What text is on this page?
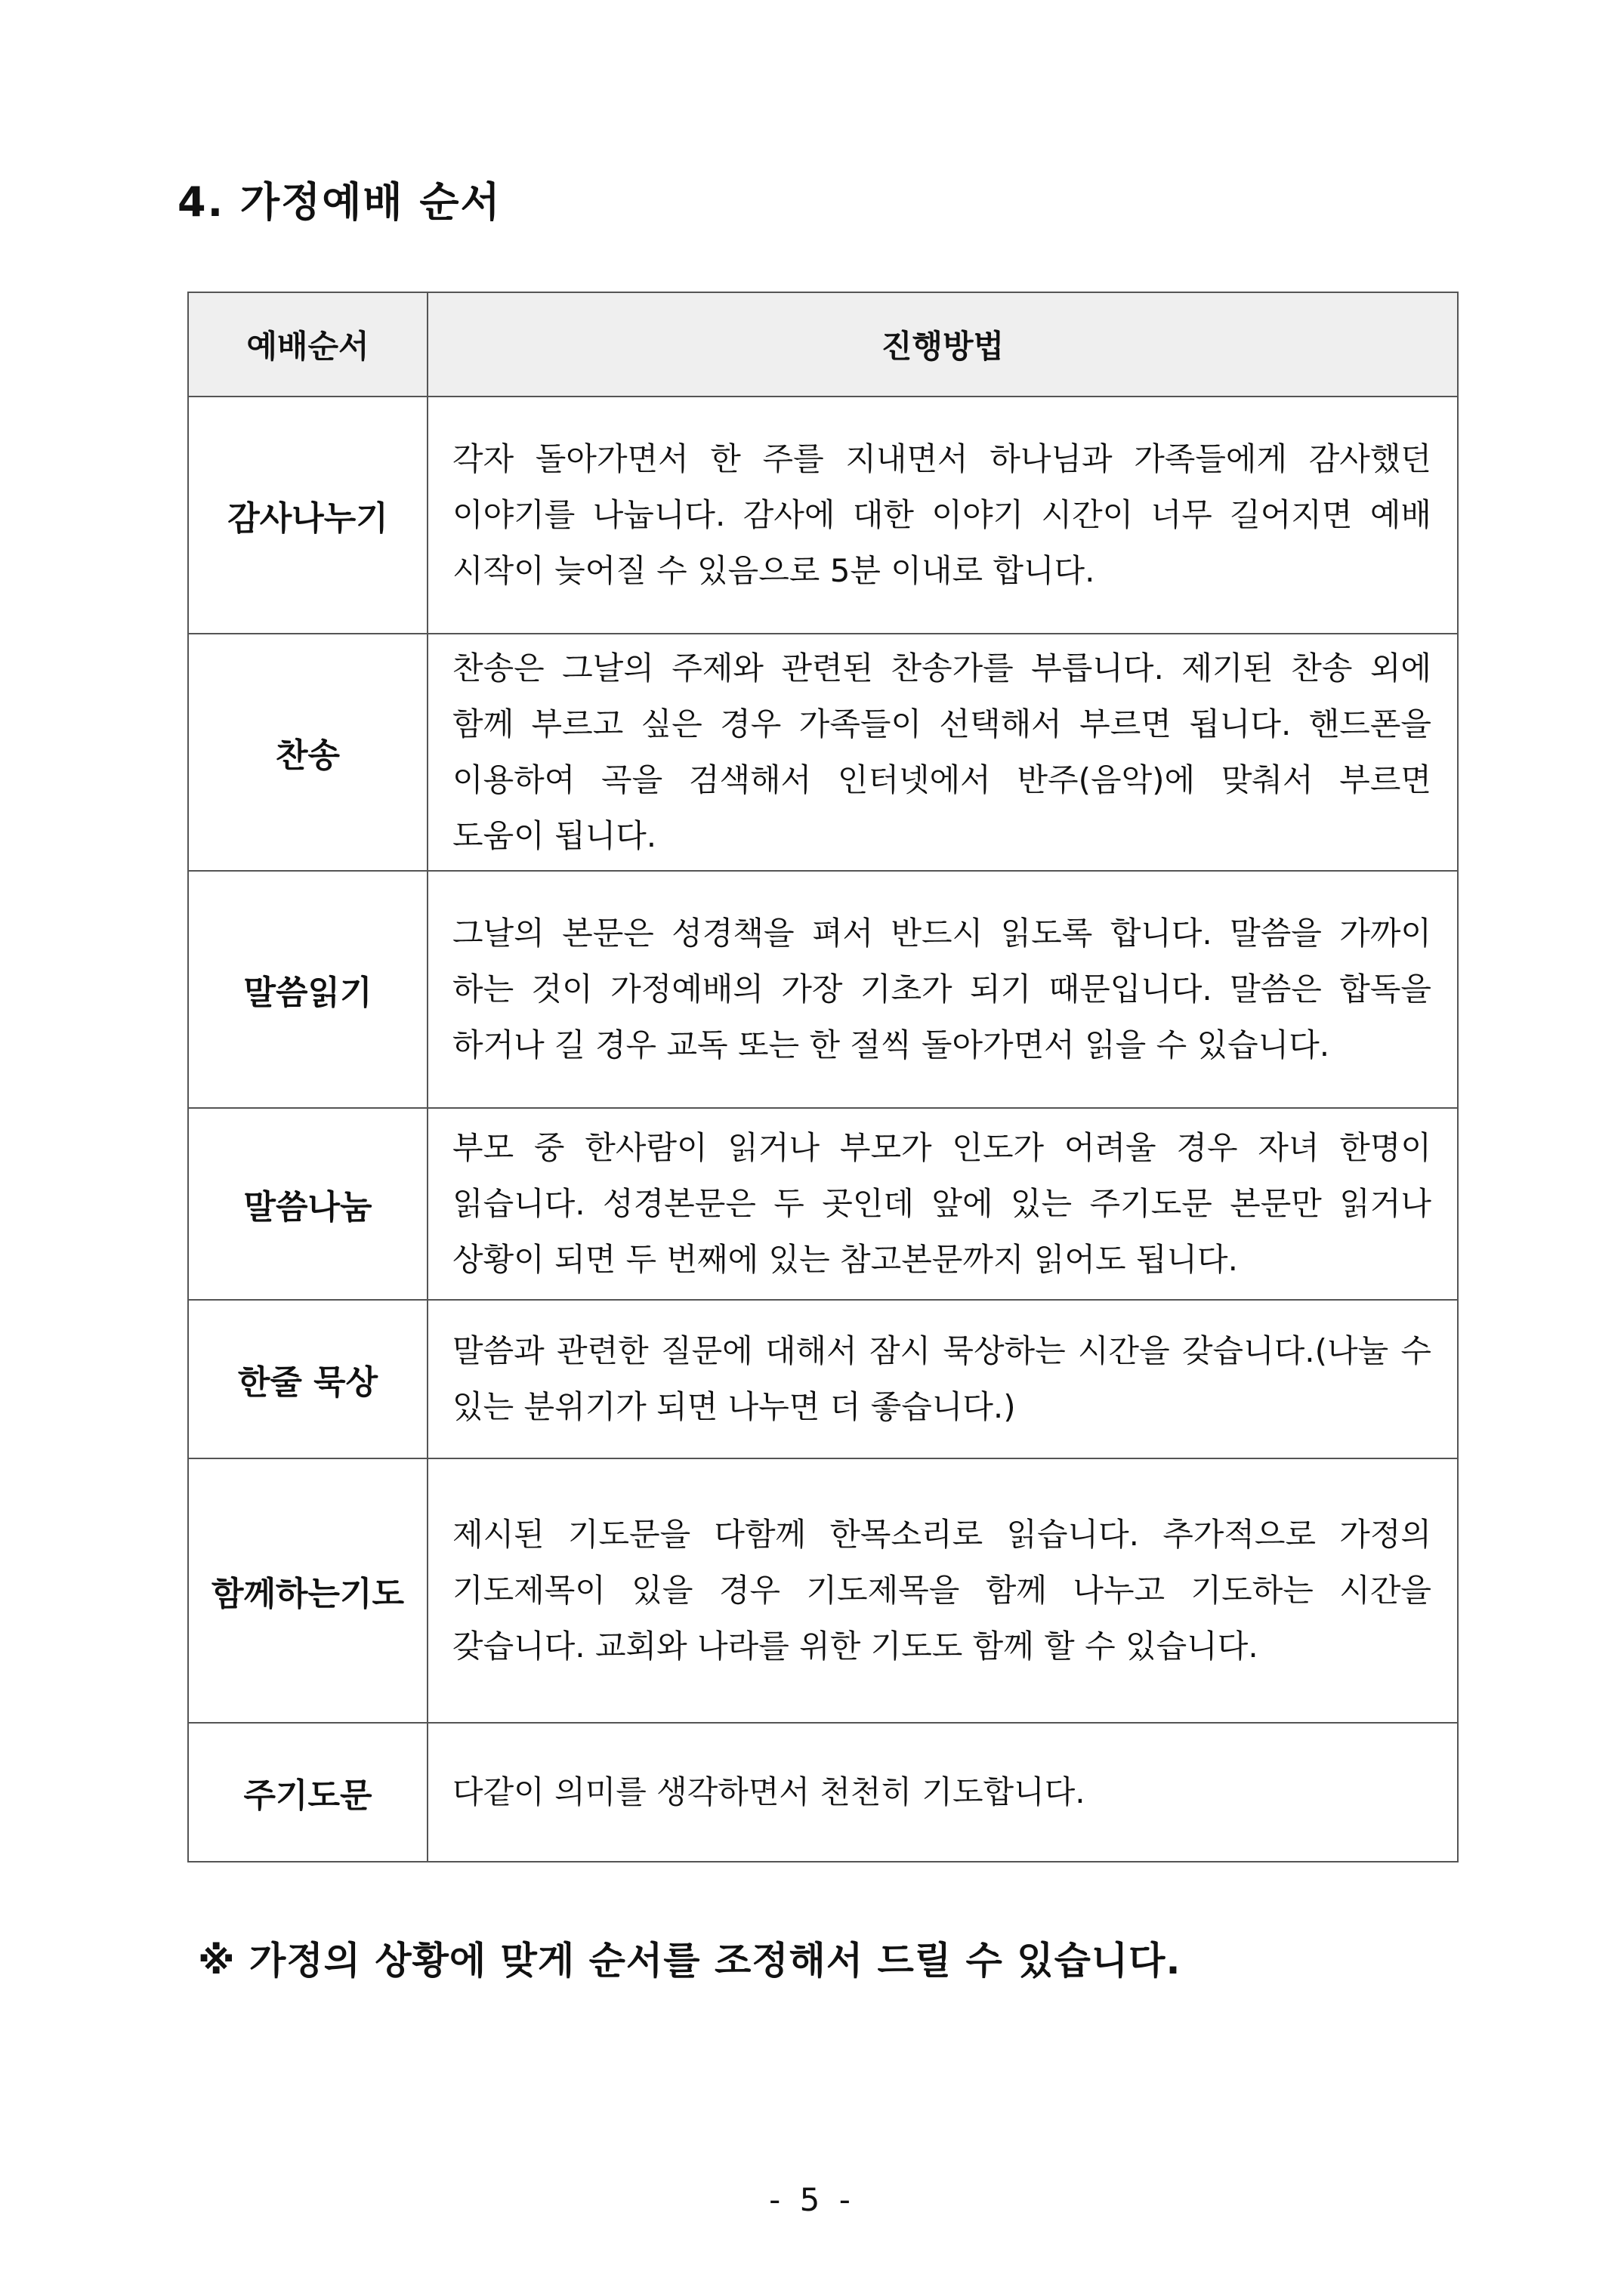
4. 가정예배 순서
예배순서	진행방법
감사나누기	각자 돌아가면서 한 주를 지내면서 하나님과 가족들에게 감사했던 이야기를 나눕니다. 감사에 대한 이야기 시간이 너무 길어지면 예배 시작이 늦어질 수 있음으로 5분 이내로 합니다.
찬송	찬송은 그날의 주제와 관련된 찬송가를 부릅니다. 제기된 찬송 외에 함께 부르고 싶은 경우 가족들이 선택해서 부르면 됩니다. 핸드폰을 이용하여 곡을 검색해서 인터넷에서 반주(음악)에 맞춰서 부르면 도움이 됩니다.
말씀읽기	그날의 본문은 성경책을 펴서 반드시 읽도록 합니다. 말씀을 가까이 하는 것이 가정예배의 가장 기초가 되기 때문입니다. 말씀은 합독을 하거나 길 경우 교독 또는 한 절씩 돌아가면서 읽을 수 있습니다.
말씀나눔	부모 중 한사람이 읽거나 부모가 인도가 어려울 경우 자녀 한명이 읽습니다. 성경본문은 두 곳인데 앞에 있는 주기도문 본문만 읽거나 상황이 되면 두 번째에 있는 참고본문까지 읽어도 됩니다.
한줄 묵상	말씀과 관련한 질문에 대해서 잠시 묵상하는 시간을 갖습니다.(나눌 수 있는 분위기가 되면 나누면 더 좋습니다.)
함께하는기도	제시된 기도문을 다함께 한목소리로 읽습니다. 추가적으로 가정의 기도제목이 있을 경우 기도제목을 함께 나누고 기도하는 시간을 갖습니다. 교회와 나라를 위한 기도도 함께 할 수 있습니다.
주기도문	다같이 의미를 생각하면서 천천히 기도합니다.
※ 가정의 상황에 맞게 순서를 조정해서 드릴 수 있습니다.
- 5 -
